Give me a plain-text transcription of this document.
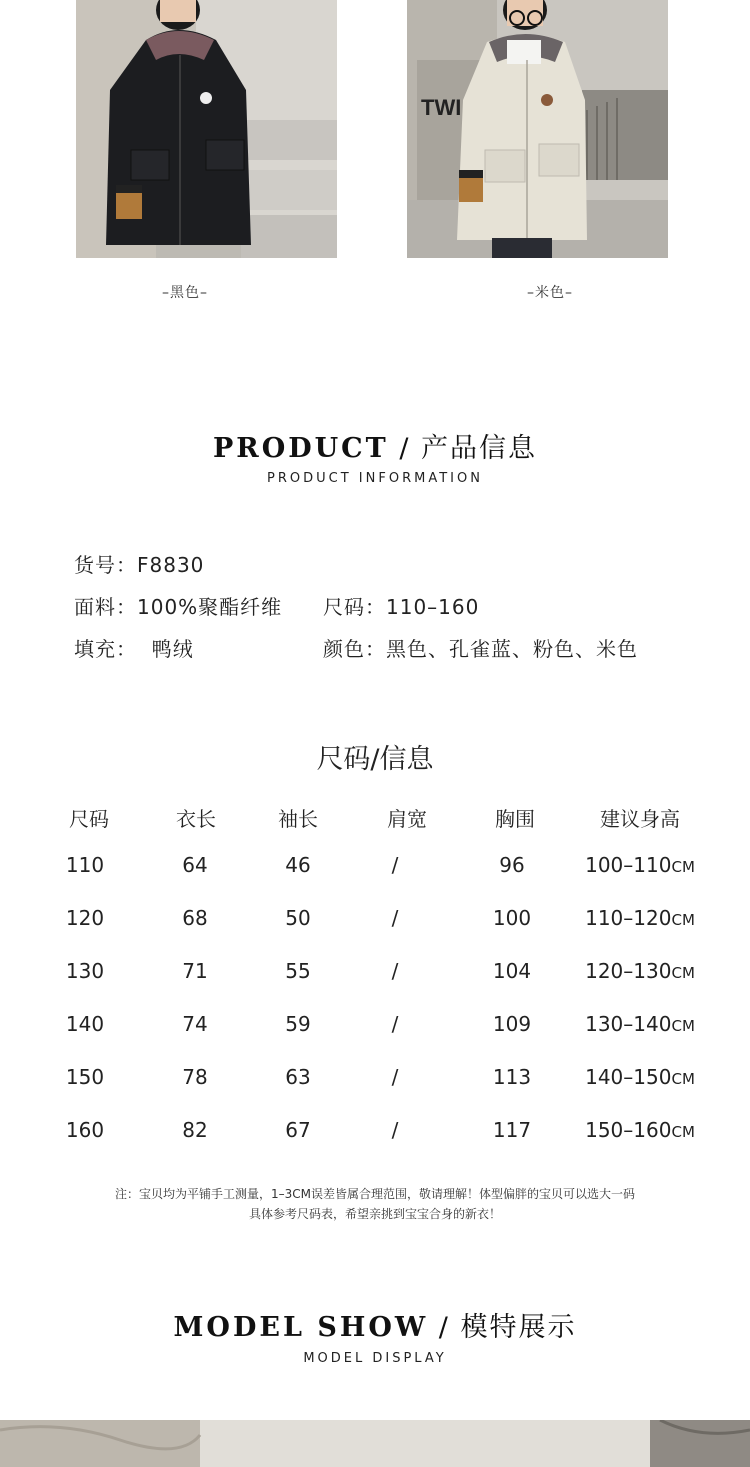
TWI
–黑色–	–米色–
PRODUCT / 产品信息
PRODUCT INFORMATION
货号：F8830
面料：100%聚酯纤维 尺码：110–160
填充：  鸭绒	颜色：黑色、孔雀蓝、粉色、米色
尺码/信息
尺码	衣长	袖长	肩宽	胸围	建议身高
110	64	46	/	96	100–110CM
120	68	50	/	100	110–120CM
130	71	55	/	104	120–130CM
140	74	59	/	109	130–140CM
150	78	63	/	113	140–150CM
160	82	67	/	117	150–160CM
注：宝贝均为平铺手工测量，1–3CM误差皆属合理范围，敬请理解！体型偏胖的宝贝可以选大一码
具体参考尺码表，希望亲挑到宝宝合身的新衣！
MODEL SHOW / 模特展示
MODEL DISPLAY
